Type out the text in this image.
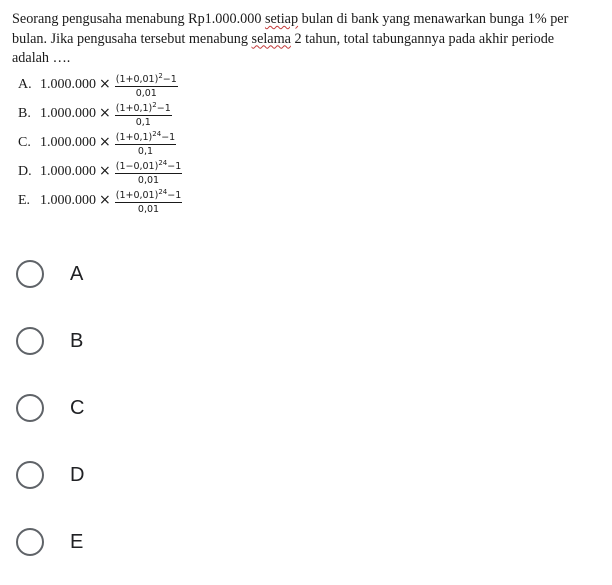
Seorang pengusaha menabung Rp1.000.000 setiap bulan di bank yang menawarkan bunga 1% per bulan. Jika pengusaha tersebut menabung selama 2 tahun, total tabungannya pada akhir periode adalah ….
A. $1.000.000 \times \frac{(1+0,01)^2-1}{0,01}$
B. $1.000.000 \times \frac{(1+0,1)^2-1}{0,1}$
C. $1.000.000 \times \frac{(1+0,1)^{24}-1}{0,1}$
D. $1.000.000 \times \frac{(1-0,01)^{24}-1}{0,01}$
E. $1.000.000 \times \frac{(1+0,01)^{24}-1}{0,01}$
A
B
C
D
E
